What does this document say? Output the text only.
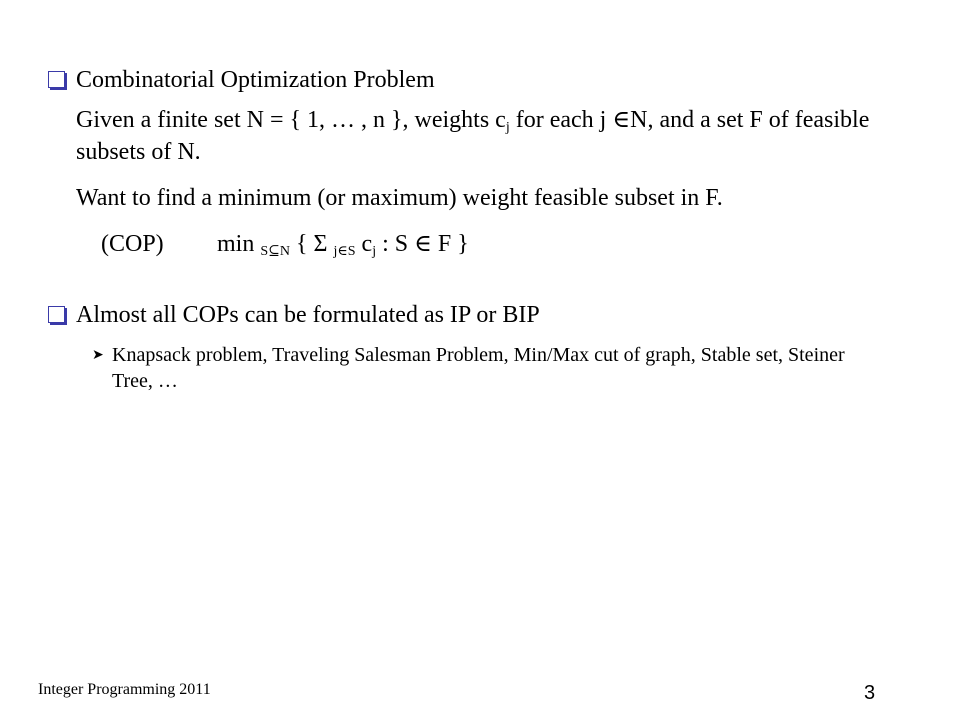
Combinatorial Optimization Problem
Given a finite set N = { 1, … , n }, weights $c_j$ for each j ∈N, and a set F of feasible subsets of N.
Want to find a minimum (or maximum) weight feasible subset in F.
(COP) min $_{S⊆N}$ { Σ $_{j\in S}$ $c_j$ : S ∈ F }
Almost all COPs can be formulated as IP or BIP
➤ Knapsack problem, Traveling Salesman Problem, Min/Max cut of graph, Stable set, Steiner Tree, …
Integer Programming 2011	3
